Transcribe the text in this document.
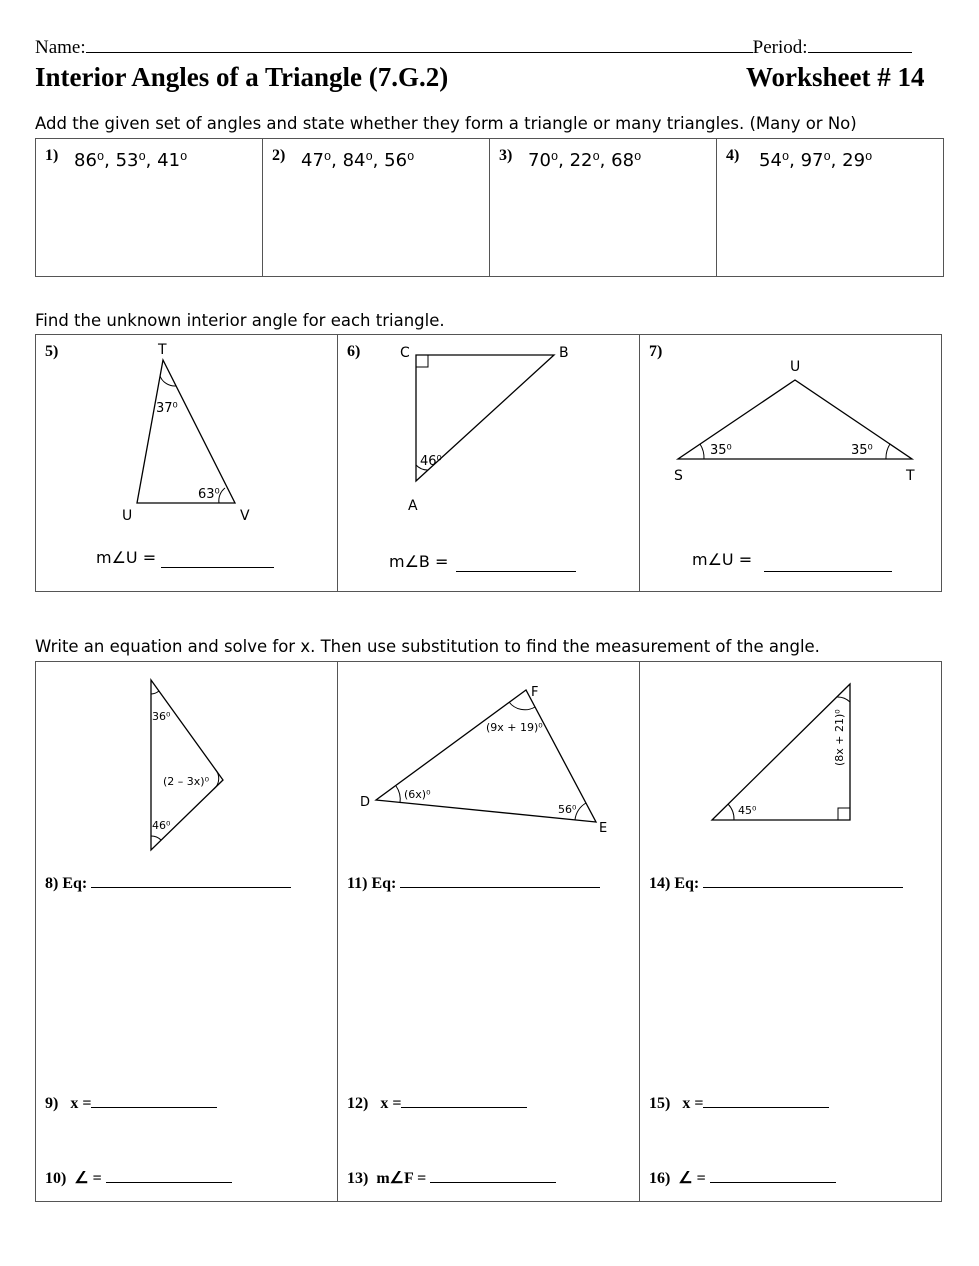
Name:	Period:
Interior Angles of a Triangle (7.G.2)	Worksheet # 14
Add the given set of angles and state whether they form a triangle or many triangles. (Many or No)
1) 86⁰, 53⁰, 41⁰	2) 47⁰, 84⁰, 56⁰	3) 70⁰, 22⁰, 68⁰	4) 54⁰, 97⁰, 29⁰
Find the unknown interior angle for each triangle.
5)	T
U	V
37⁰
63⁰
m∠U =

6)	C	B
A
46⁰
m∠B =

7)
U
S	T
35⁰	35⁰
m∠U =
Write an equation and solve for x. Then use substitution to find the measurement of the angle.
36⁰
(2 – 3x)⁰
46⁰
8) Eq:
9) x =
10) ∠ =

F
D
E
(9x + 19)⁰
(6x)⁰
56⁰
11) Eq:
12) x =
13) m∠F =

(8x + 21)⁰
45⁰
14) Eq:
15) x =
16) ∠ =
